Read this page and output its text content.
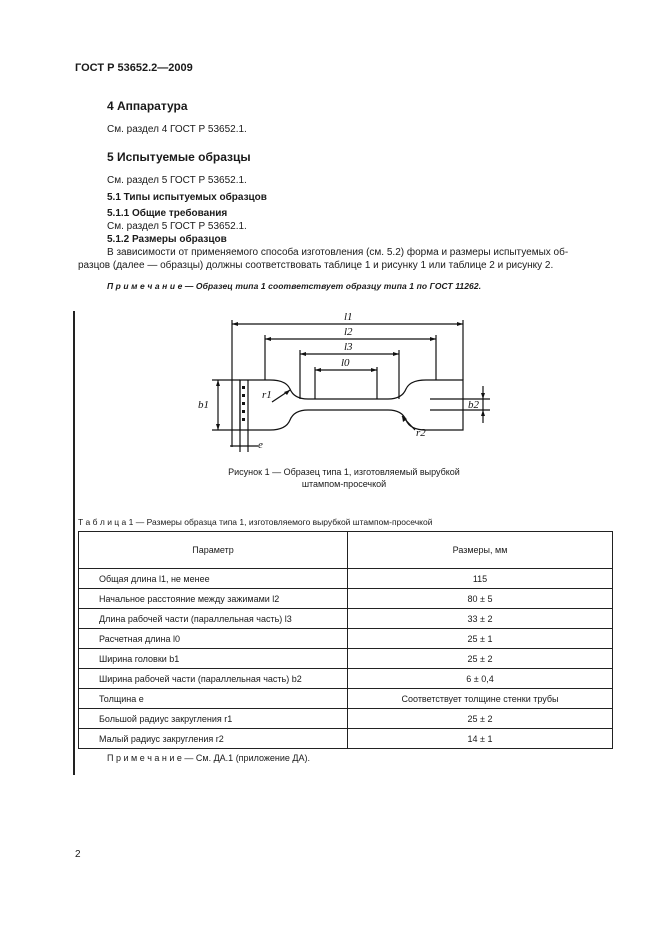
ГОСТ Р 53652.2—2009
4 Аппаратура
См. раздел 4 ГОСТ Р 53652.1.
5 Испытуемые образцы
См. раздел 5 ГОСТ Р 53652.1.
5.1 Типы испытуемых образцов
5.1.1 Общие требования
См. раздел 5 ГОСТ Р 53652.1.
5.1.2 Размеры образцов
В зависимости от применяемого способа изготовления (см. 5.2) форма и размеры испытуемых об-
разцов (далее — образцы) должны соответствовать таблице 1 и рисунку 1 или таблице 2 и рисунку 2.
П р и м е ч а н и е — Образец типа 1 соответствует образцу типа 1 по ГОСТ 11262.
l1
l2
l3
l0
b1	b2
r1
r2
e
Рисунок 1 — Образец типа 1, изготовляемый вырубкой
штампом-просечкой
Т а б л и ц а 1 — Размеры образца типа 1, изготовляемого вырубкой штампом-просечкой
Параметр	Размеры, мм
Общая длина l1, не менее	115
Начальное расстояние между зажимами l2	80 ± 5
Длина рабочей части (параллельная часть) l3	33 ± 2
Расчетная длина l0	25 ± 1
Ширина головки b1	25 ± 2
Ширина рабочей части (параллельная часть) b2	6 ± 0,4
Толщина e	Соответствует толщине стенки трубы
Большой радиус закругления r1	25 ± 2
Малый радиус закругления r2	14 ± 1
П р и м е ч а н и е — См. ДА.1 (приложение ДА).
2
